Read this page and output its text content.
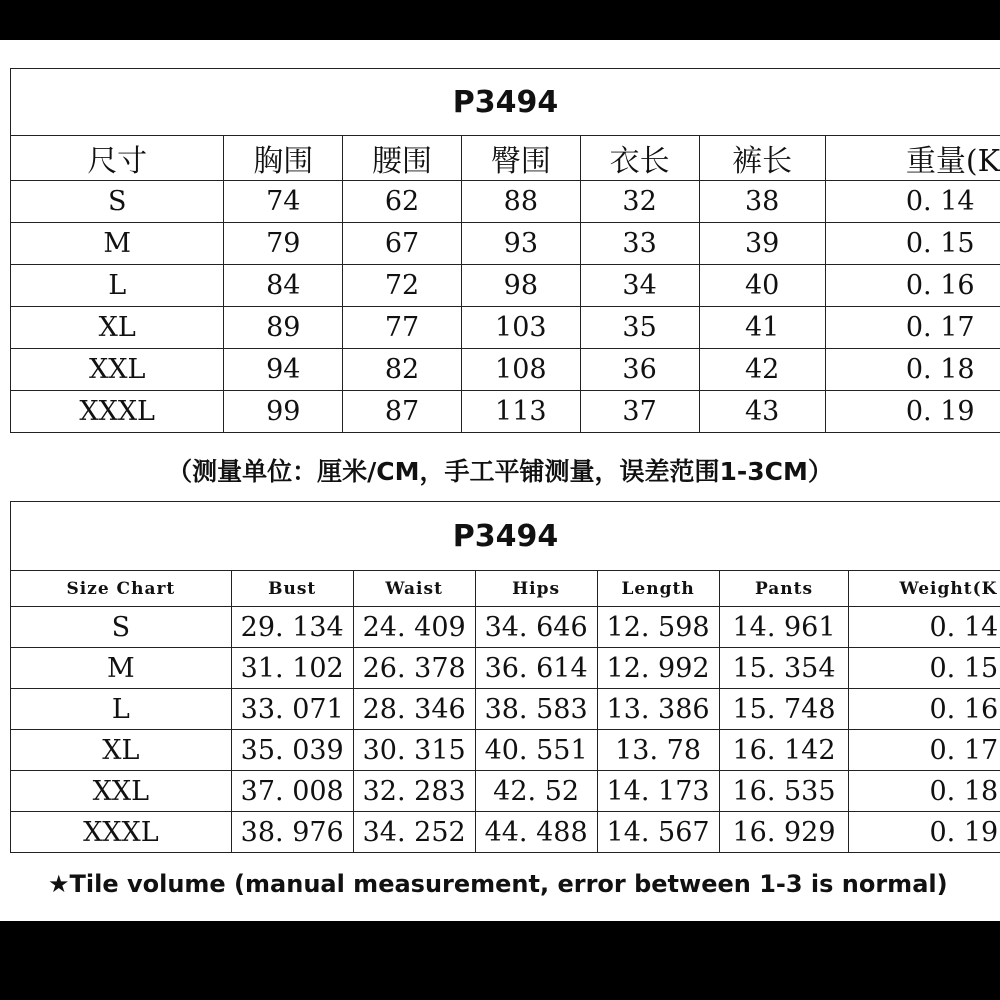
P3494						
尺寸	胸围	腰围	臀围	衣长	裤长	重量(K
S	74	62	88	32	38	0. 14
M	79	67	93	33	39	0. 15
L	84	72	98	34	40	0. 16
XL	89	77	103	35	41	0. 17
XXL	94	82	108	36	42	0. 18
XXXL	99	87	113	37	43	0. 19
（测量单位：厘米/CM，手工平铺测量，误差范围1-3CM）
P3494						
Size Chart	Bust	Waist	Hips	Length	Pants	Weight(K
S	29. 134	24. 409	34. 646	12. 598	14. 961	0. 14
M	31. 102	26. 378	36. 614	12. 992	15. 354	0. 15
L	33. 071	28. 346	38. 583	13. 386	15. 748	0. 16
XL	35. 039	30. 315	40. 551	13. 78	16. 142	0. 17
XXL	37. 008	32. 283	42. 52	14. 173	16. 535	0. 18
XXXL	38. 976	34. 252	44. 488	14. 567	16. 929	0. 19
★Tile volume (manual measurement, error between 1-3 is normal)
